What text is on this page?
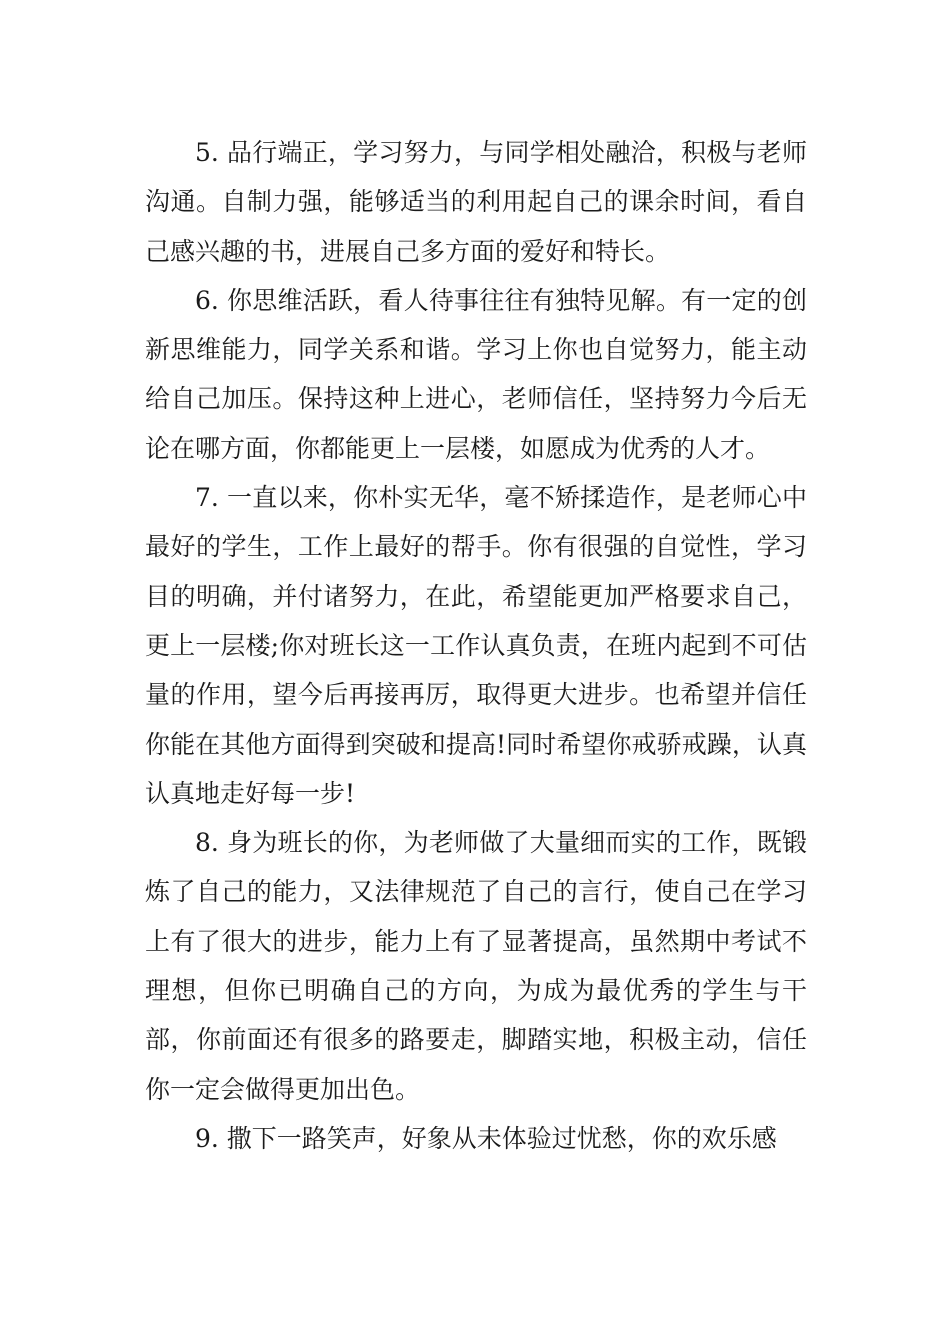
5. 品行端正，学习努力，与同学相处融洽，积极与老师沟通。自制力强，能够适当的利用起自己的课余时间，看自己感兴趣的书，进展自己多方面的爱好和特长。

6. 你思维活跃，看人待事往往有独特见解。有一定的创新思维能力，同学关系和谐。学习上你也自觉努力，能主动给自己加压。保持这种上进心，老师信任，坚持努力今后无论在哪方面，你都能更上一层楼，如愿成为优秀的人才。

7. 一直以来，你朴实无华，毫不矫揉造作，是老师心中最好的学生，工作上最好的帮手。你有很强的自觉性，学习目的明确，并付诸努力，在此，希望能更加严格要求自己，更上一层楼;你对班长这一工作认真负责，在班内起到不可估量的作用，望今后再接再厉，取得更大进步。也希望并信任你能在其他方面得到突破和提高!同时希望你戒骄戒躁，认真认真地走好每一步!

8. 身为班长的你，为老师做了大量细而实的工作，既锻炼了自己的能力，又法律规范了自己的言行，使自己在学习上有了很大的进步，能力上有了显著提高，虽然期中考试不理想，但你已明确自己的方向，为成为最优秀的学生与干部，你前面还有很多的路要走，脚踏实地，积极主动，信任你一定会做得更加出色。

9. 撒下一路笑声，好象从未体验过忧愁，你的欢乐感
